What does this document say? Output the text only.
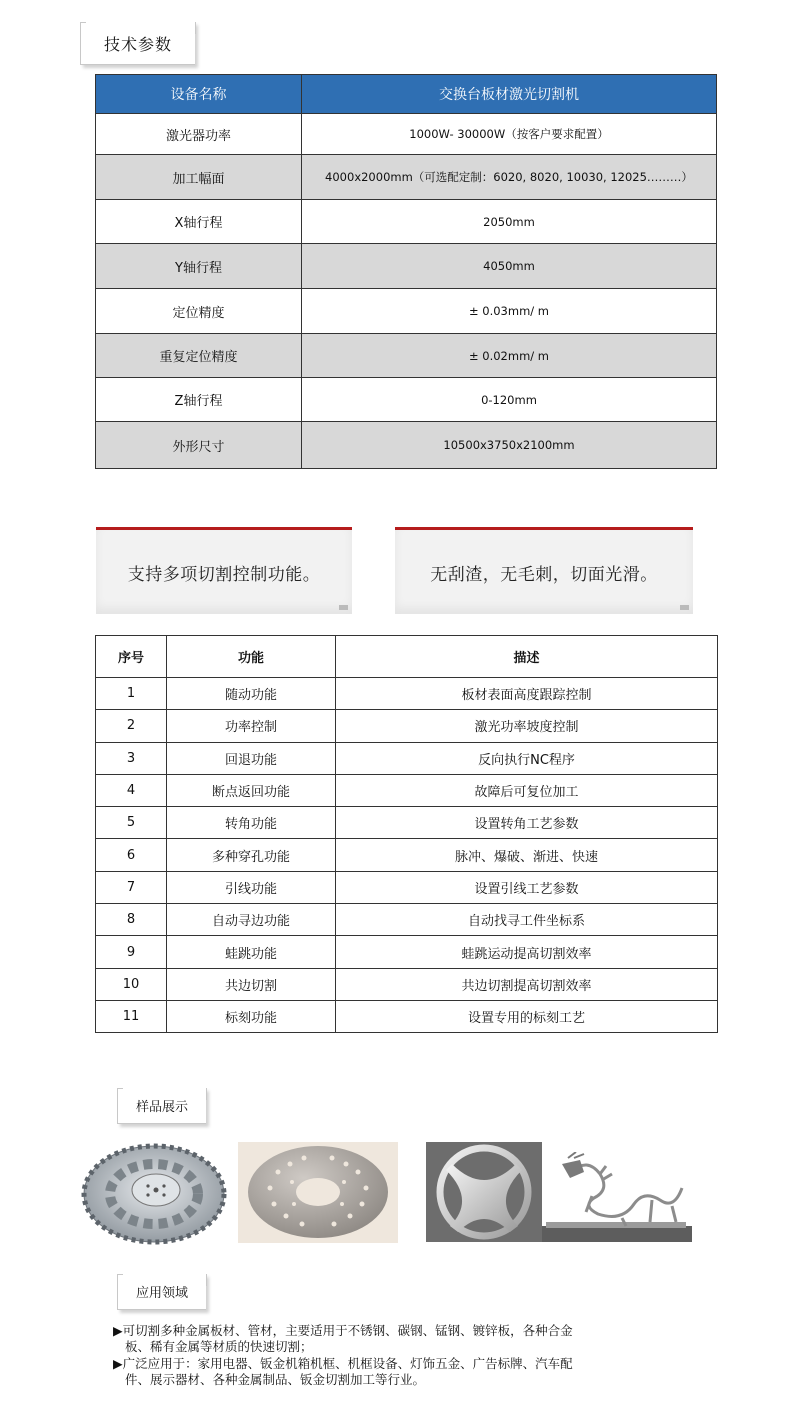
技术参数
设备名称	交换台板材激光切割机
激光器功率	1000W- 30000W（按客户要求配置）
加工幅面	4000x2000mm（可选配定制：6020, 8020, 10030, 12025………）
X轴行程	2050mm
Y轴行程	4050mm
定位精度	± 0.03mm/ m
重复定位精度	± 0.02mm/ m
Z轴行程	0-120mm
外形尺寸	10500x3750x2100mm
支持多项切割控制功能。	无刮渣，无毛刺，切面光滑。
序号	功能	描述
1	随动功能	板材表面高度跟踪控制
2	功率控制	激光功率坡度控制
3	回退功能	反向执行NC程序
4	断点返回功能	故障后可复位加工
5	转角功能	设置转角工艺参数
6	多种穿孔功能	脉冲、爆破、渐进、快速
7	引线功能	设置引线工艺参数
8	自动寻边功能	自动找寻工件坐标系
9	蛙跳功能	蛙跳运动提高切割效率
10	共边切割	共边切割提高切割效率
11	标刻功能	设置专用的标刻工艺
样品展示
应用领域
▶可切割多种金属板材、管材，主要适用于不锈钢、碳钢、锰钢、镀锌板，各种合金
板、稀有金属等材质的快速切割；
▶广泛应用于：家用电器、钣金机箱机框、机框设备、灯饰五金、广告标牌、汽车配
件、展示器材、各种金属制品、钣金切割加工等行业。
